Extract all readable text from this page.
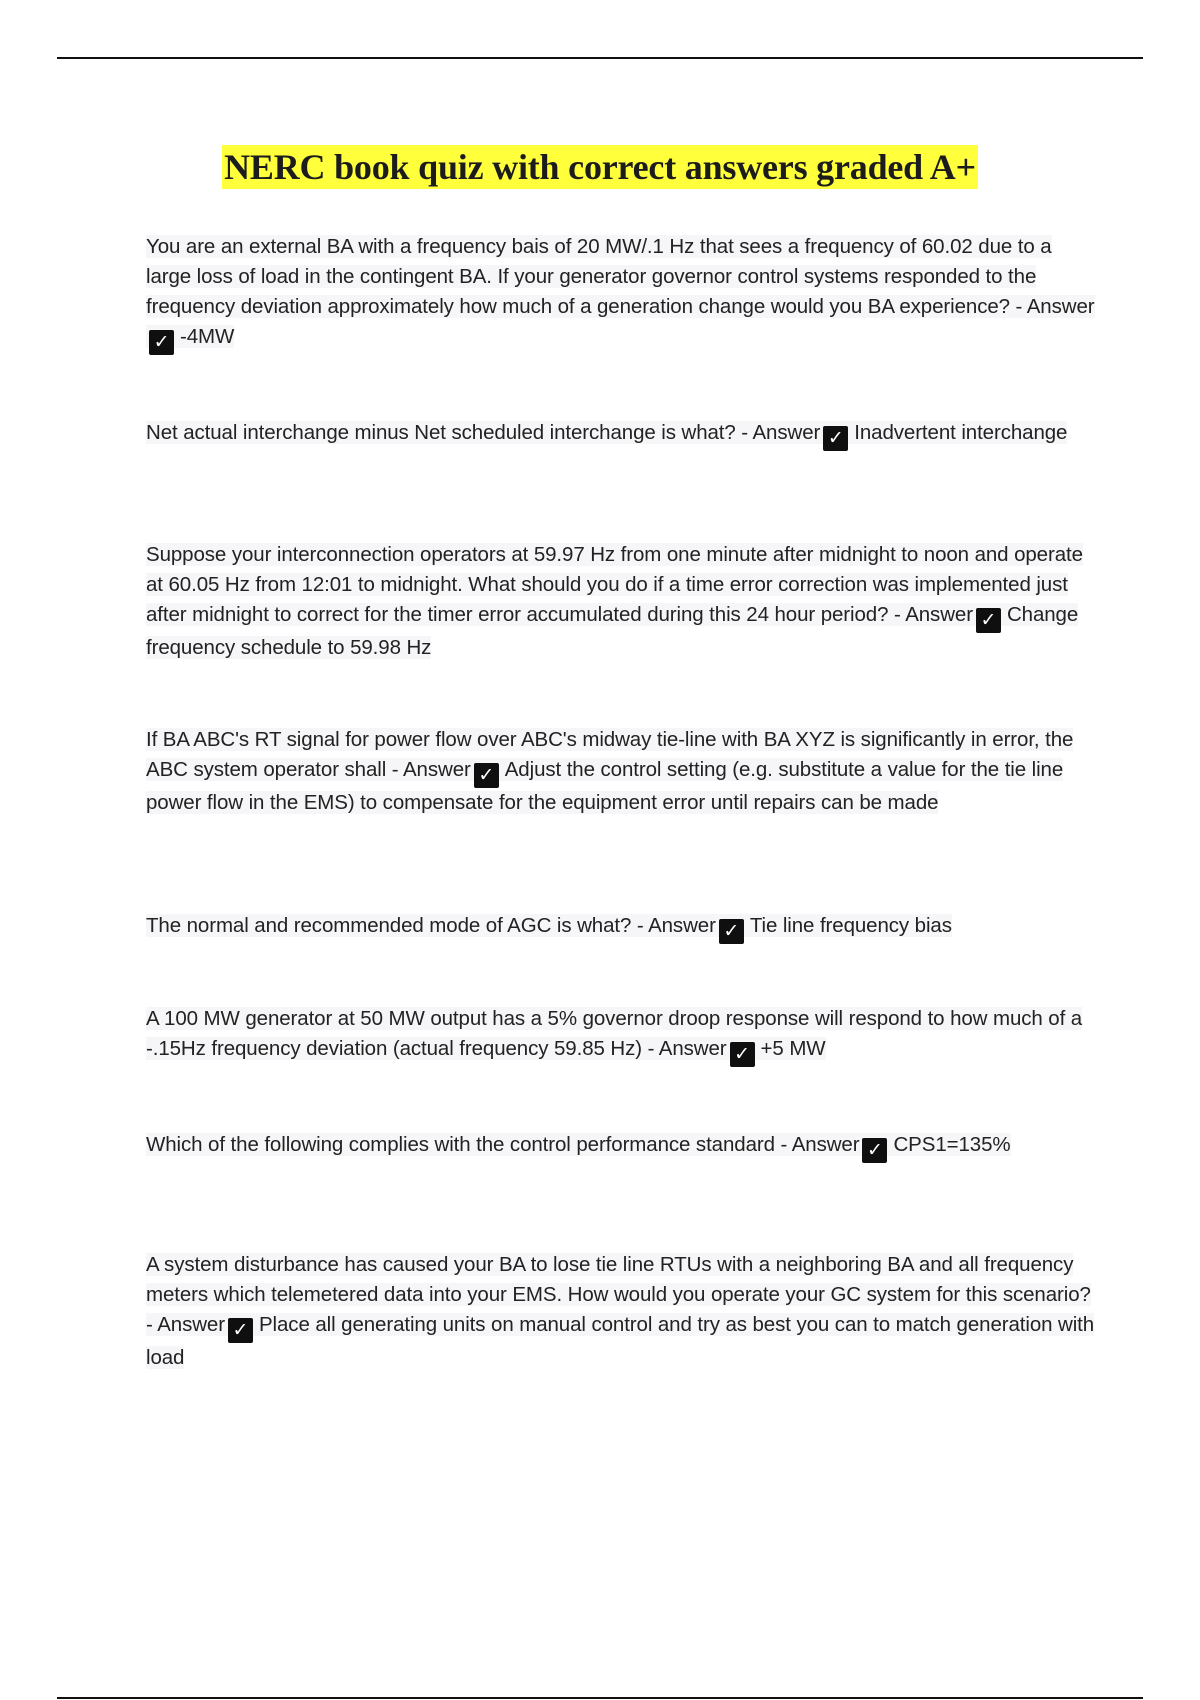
NERC book quiz with correct answers graded A+
You are an external BA with a frequency bais of 20 MW/.1 Hz that sees a frequency of 60.02 due to a large loss of load in the contingent BA. If your generator governor control systems responded to the frequency deviation approximately how much of a generation change would you BA experience? - Answer✓ -4MW
Net actual interchange minus Net scheduled interchange is what? - Answer ✓ Inadvertent interchange
Suppose your interconnection operators at 59.97 Hz from one minute after midnight to noon and operate at 60.05 Hz from 12:01 to midnight. What should you do if a time error correction was implemented just after midnight to correct for the timer error accumulated during this 24 hour period? - Answer ✓ Change frequency schedule to 59.98 Hz
If BA ABC's RT signal for power flow over ABC's midway tie-line with BA XYZ is significantly in error, the ABC system operator shall - Answer ✓ Adjust the control setting (e.g. substitute a value for the tie line power flow in the EMS) to compensate for the equipment error until repairs can be made
The normal and recommended mode of AGC is what? - Answer ✓ Tie line frequency bias
A 100 MW generator at 50 MW output has a 5% governor droop response will respond to how much of a -.15Hz frequency deviation (actual frequency 59.85 Hz) - Answer ✓ +5 MW
Which of the following complies with the control performance standard - Answer ✓ CPS1=135%
A system disturbance has caused your BA to lose tie line RTUs with a neighboring BA and all frequency meters which telemetered data into your EMS. How would you operate your GC system for this scenario? - Answer ✓ Place all generating units on manual control and try as best you can to match generation with load
